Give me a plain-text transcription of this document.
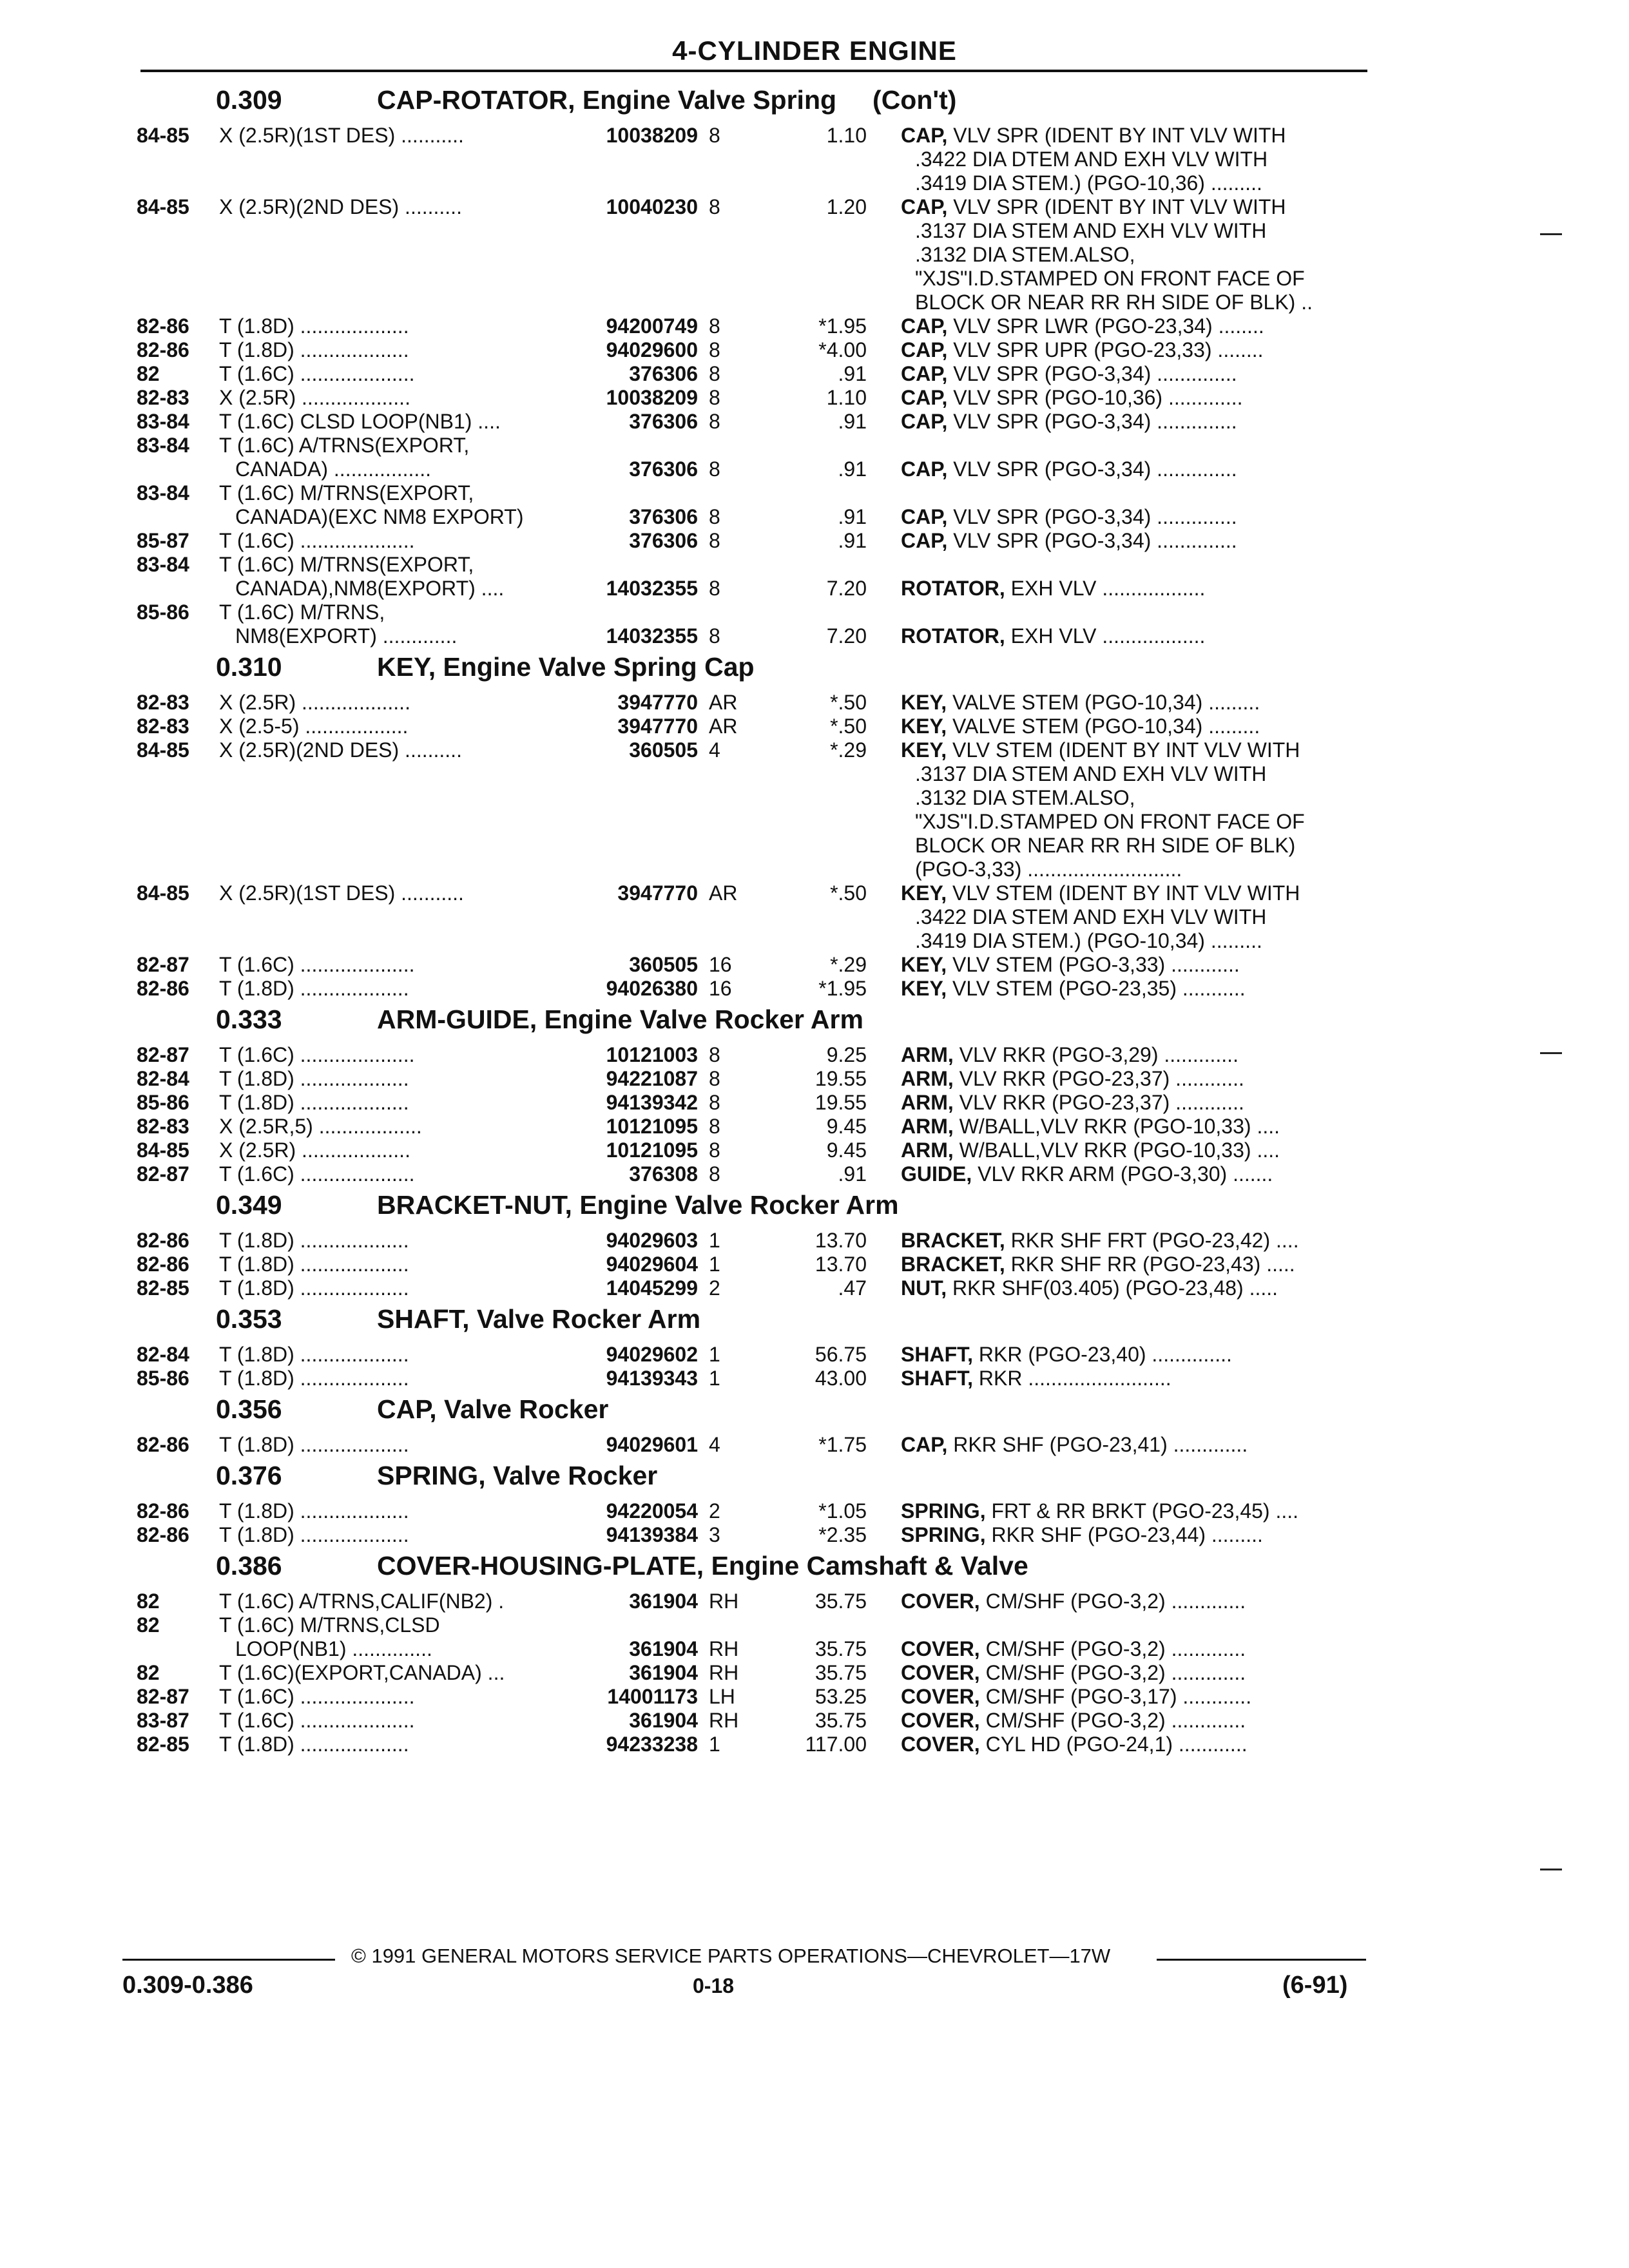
4-CYLINDER ENGINE
0.309	CAP-ROTATOR, Engine Valve Spring (Con't)
84-85 X (2.5R)(1ST DES) ...........	10038209 8	1.10 CAP, VLV SPR (IDENT BY INT VLV WITH
.3422 DIA DTEM AND EXH VLV WITH
.3419 DIA STEM.) (PGO-10,36) .........
84-85 X (2.5R)(2ND DES) ..........	10040230 8	1.20 CAP, VLV SPR (IDENT BY INT VLV WITH
.3137 DIA STEM AND EXH VLV WITH
.3132 DIA STEM.ALSO,
"XJS"I.D.STAMPED ON FRONT FACE OF
BLOCK OR NEAR RR RH SIDE OF BLK) ..
82-86 T (1.8D) ...................	94200749 8	*1.95 CAP, VLV SPR LWR (PGO-23,34) ........
82-86 T (1.8D) ...................	94029600 8	*4.00 CAP, VLV SPR UPR (PGO-23,33) ........
82	T (1.6C) ....................	376306 8	.91 CAP, VLV SPR (PGO-3,34) ..............
82-83 X (2.5R) ...................	10038209 8	1.10 CAP, VLV SPR (PGO-10,36) .............
83-84 T (1.6C) CLSD LOOP(NB1) ....	376306 8	.91 CAP, VLV SPR (PGO-3,34) ..............
83-84 T (1.6C) A/TRNS(EXPORT,
CANADA) .................	376306 8	.91 CAP, VLV SPR (PGO-3,34) ..............
83-84 T (1.6C) M/TRNS(EXPORT,
CANADA)(EXC NM8 EXPORT)	376306 8	.91 CAP, VLV SPR (PGO-3,34) ..............
85-87 T (1.6C) ....................	376306 8	.91 CAP, VLV SPR (PGO-3,34) ..............
83-84 T (1.6C) M/TRNS(EXPORT,
CANADA),NM8(EXPORT) ....	14032355 8	7.20 ROTATOR, EXH VLV ..................
85-86 T (1.6C) M/TRNS,
NM8(EXPORT) .............	14032355 8	7.20 ROTATOR, EXH VLV ..................
0.310	KEY, Engine Valve Spring Cap
82-83 X (2.5R) ...................	3947770 AR	*.50 KEY, VALVE STEM (PGO-10,34) .........
82-83 X (2.5-5) ..................	3947770 AR	*.50 KEY, VALVE STEM (PGO-10,34) .........
84-85 X (2.5R)(2ND DES) ..........	360505 4	*.29 KEY, VLV STEM (IDENT BY INT VLV WITH
.3137 DIA STEM AND EXH VLV WITH
.3132 DIA STEM.ALSO,
"XJS"I.D.STAMPED ON FRONT FACE OF
BLOCK OR NEAR RR RH SIDE OF BLK)
(PGO-3,33) ...........................
84-85 X (2.5R)(1ST DES) ...........	3947770 AR	*.50 KEY, VLV STEM (IDENT BY INT VLV WITH
.3422 DIA STEM AND EXH VLV WITH
.3419 DIA STEM.) (PGO-10,34) .........
82-87 T (1.6C) ....................	360505 16	*.29 KEY, VLV STEM (PGO-3,33) ............
82-86 T (1.8D) ...................	94026380 16	*1.95 KEY, VLV STEM (PGO-23,35) ...........
0.333	ARM-GUIDE, Engine Valve Rocker Arm
82-87 T (1.6C) ....................	10121003 8	9.25 ARM, VLV RKR (PGO-3,29) .............
82-84 T (1.8D) ...................	94221087 8	19.55 ARM, VLV RKR (PGO-23,37) ............
85-86 T (1.8D) ...................	94139342 8	19.55 ARM, VLV RKR (PGO-23,37) ............
82-83 X (2.5R,5) ..................	10121095 8	9.45 ARM, W/BALL,VLV RKR (PGO-10,33) ....
84-85 X (2.5R) ...................	10121095 8	9.45 ARM, W/BALL,VLV RKR (PGO-10,33) ....
82-87 T (1.6C) ....................	376308 8	.91 GUIDE, VLV RKR ARM (PGO-3,30) .......
0.349	BRACKET-NUT, Engine Valve Rocker Arm
82-86 T (1.8D) ...................	94029603 1	13.70 BRACKET, RKR SHF FRT (PGO-23,42) ....
82-86 T (1.8D) ...................	94029604 1	13.70 BRACKET, RKR SHF RR (PGO-23,43) .....
82-85 T (1.8D) ...................	14045299 2	.47 NUT, RKR SHF(03.405) (PGO-23,48) .....
0.353	SHAFT, Valve Rocker Arm
82-84 T (1.8D) ...................	94029602 1	56.75 SHAFT, RKR (PGO-23,40) ..............
85-86 T (1.8D) ...................	94139343 1	43.00 SHAFT, RKR .........................
0.356	CAP, Valve Rocker
82-86 T (1.8D) ...................	94029601 4	*1.75 CAP, RKR SHF (PGO-23,41) .............
0.376	SPRING, Valve Rocker
82-86 T (1.8D) ...................	94220054 2	*1.05 SPRING, FRT & RR BRKT (PGO-23,45) ....
82-86 T (1.8D) ...................	94139384 3	*2.35 SPRING, RKR SHF (PGO-23,44) .........
0.386	COVER-HOUSING-PLATE, Engine Camshaft & Valve
82	T (1.6C) A/TRNS,CALIF(NB2) .	361904 RH	35.75 COVER, CM/SHF (PGO-3,2) .............
82	T (1.6C) M/TRNS,CLSD
LOOP(NB1) ..............	361904 RH	35.75 COVER, CM/SHF (PGO-3,2) .............
82	T (1.6C)(EXPORT,CANADA) ...	361904 RH	35.75 COVER, CM/SHF (PGO-3,2) .............
82-87 T (1.6C) ....................	14001173 LH	53.25 COVER, CM/SHF (PGO-3,17) ............
83-87 T (1.6C) ....................	361904 RH	35.75 COVER, CM/SHF (PGO-3,2) .............
82-85 T (1.8D) ...................	94233238 1	117.00 COVER, CYL HD (PGO-24,1) ............
© 1991 GENERAL MOTORS SERVICE PARTS OPERATIONS—CHEVROLET—17W
0.309-0.386	0-18	(6-91)
